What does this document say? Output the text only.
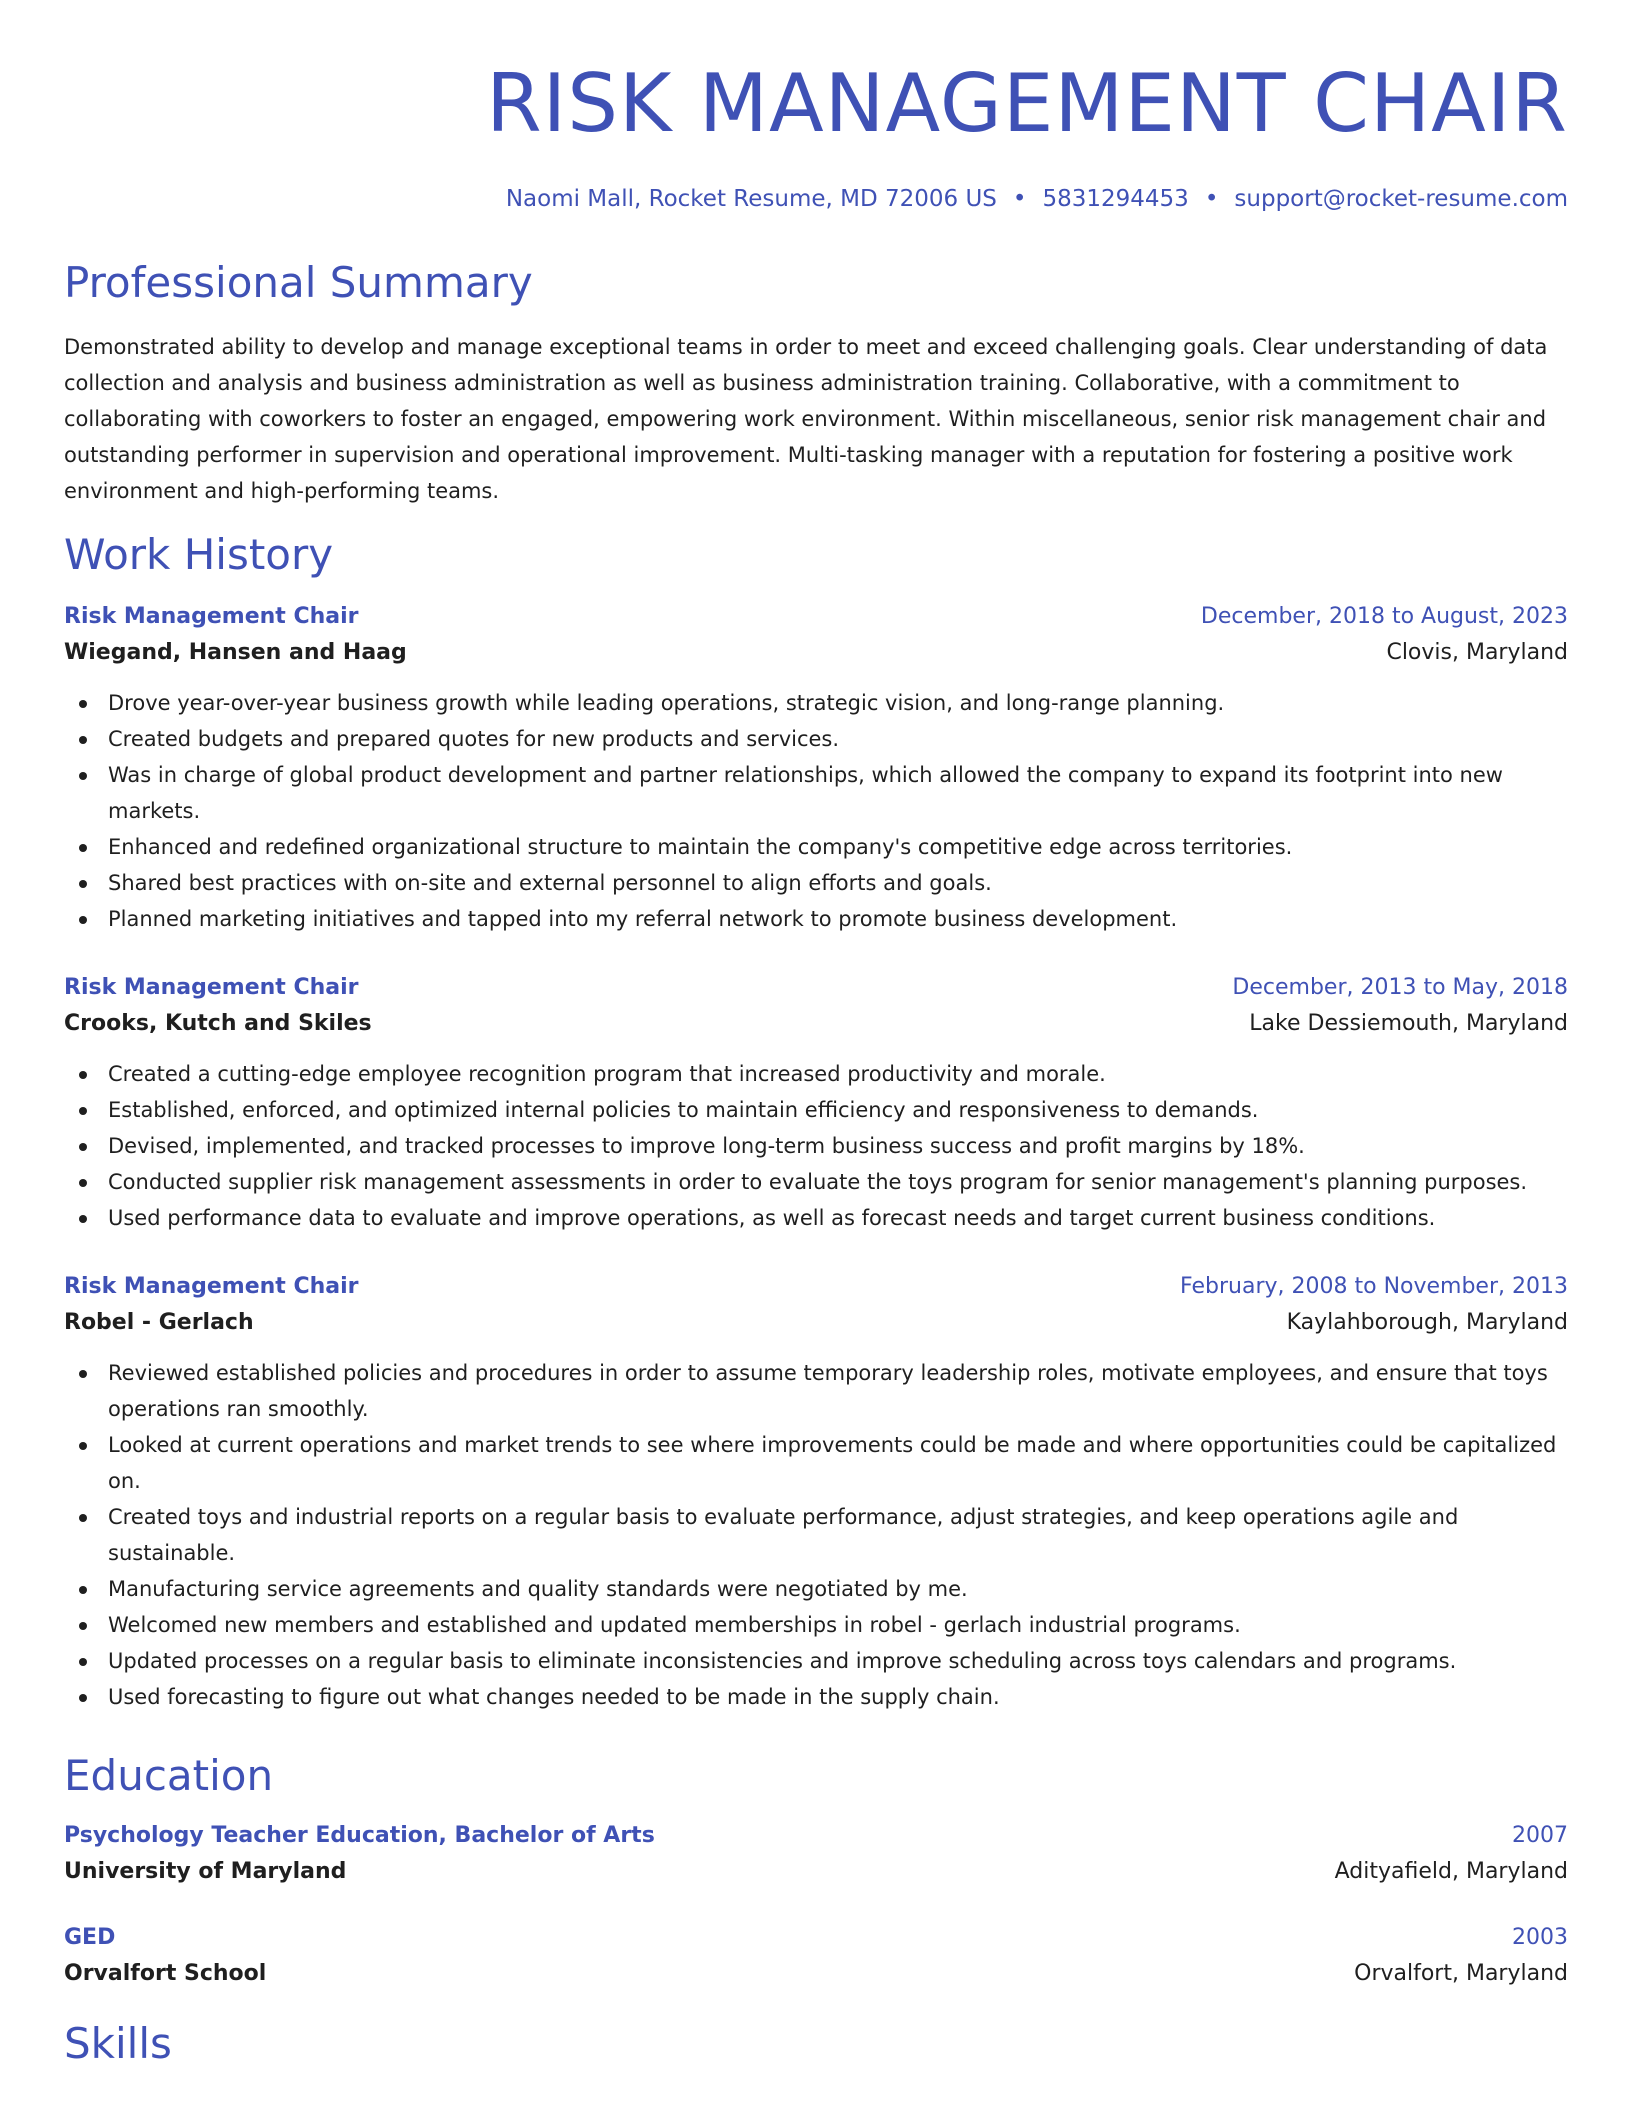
RISK MANAGEMENT CHAIR
Naomi Mall, Rocket Resume, MD 72006 US • 5831294453 • support@rocket-resume.com
Professional Summary

Demonstrated ability to develop and manage exceptional teams in order to meet and exceed challenging goals. Clear understanding of data collection and analysis and business administration as well as business administration training. Collaborative, with a commitment to collaborating with coworkers to foster an engaged, empowering work environment. Within miscellaneous, senior risk management chair and outstanding performer in supervision and operational improvement. Multi-tasking manager with a reputation for fostering a positive work environment and high-performing teams.

Work History
Risk Management Chair	December, 2018 to August, 2023
Wiegand, Hansen and Haag	Clovis, Maryland
Drove year-over-year business growth while leading operations, strategic vision, and long-range planning.
Created budgets and prepared quotes for new products and services.
Was in charge of global product development and partner relationships, which allowed the company to expand its footprint into new markets.
Enhanced and redefined organizational structure to maintain the company's competitive edge across territories.
Shared best practices with on-site and external personnel to align efforts and goals.
Planned marketing initiatives and tapped into my referral network to promote business development.
Risk Management Chair	December, 2013 to May, 2018
Crooks, Kutch and Skiles	Lake Dessiemouth, Maryland
Created a cutting-edge employee recognition program that increased productivity and morale.
Established, enforced, and optimized internal policies to maintain efficiency and responsiveness to demands.
Devised, implemented, and tracked processes to improve long-term business success and profit margins by 18%.
Conducted supplier risk management assessments in order to evaluate the toys program for senior management's planning purposes.
Used performance data to evaluate and improve operations, as well as forecast needs and target current business conditions.
Risk Management Chair	February, 2008 to November, 2013
Robel - Gerlach	Kaylahborough, Maryland
Reviewed established policies and procedures in order to assume temporary leadership roles, motivate employees, and ensure that toys operations ran smoothly.
Looked at current operations and market trends to see where improvements could be made and where opportunities could be capitalized on.
Created toys and industrial reports on a regular basis to evaluate performance, adjust strategies, and keep operations agile and sustainable.
Manufacturing service agreements and quality standards were negotiated by me.
Welcomed new members and established and updated memberships in robel - gerlach industrial programs.
Updated processes on a regular basis to eliminate inconsistencies and improve scheduling across toys calendars and programs.
Used forecasting to figure out what changes needed to be made in the supply chain.
Education
Psychology Teacher Education, Bachelor of Arts	2007
University of Maryland	Adityafield, Maryland
GED	2003
Orvalfort School	Orvalfort, Maryland
Skills
